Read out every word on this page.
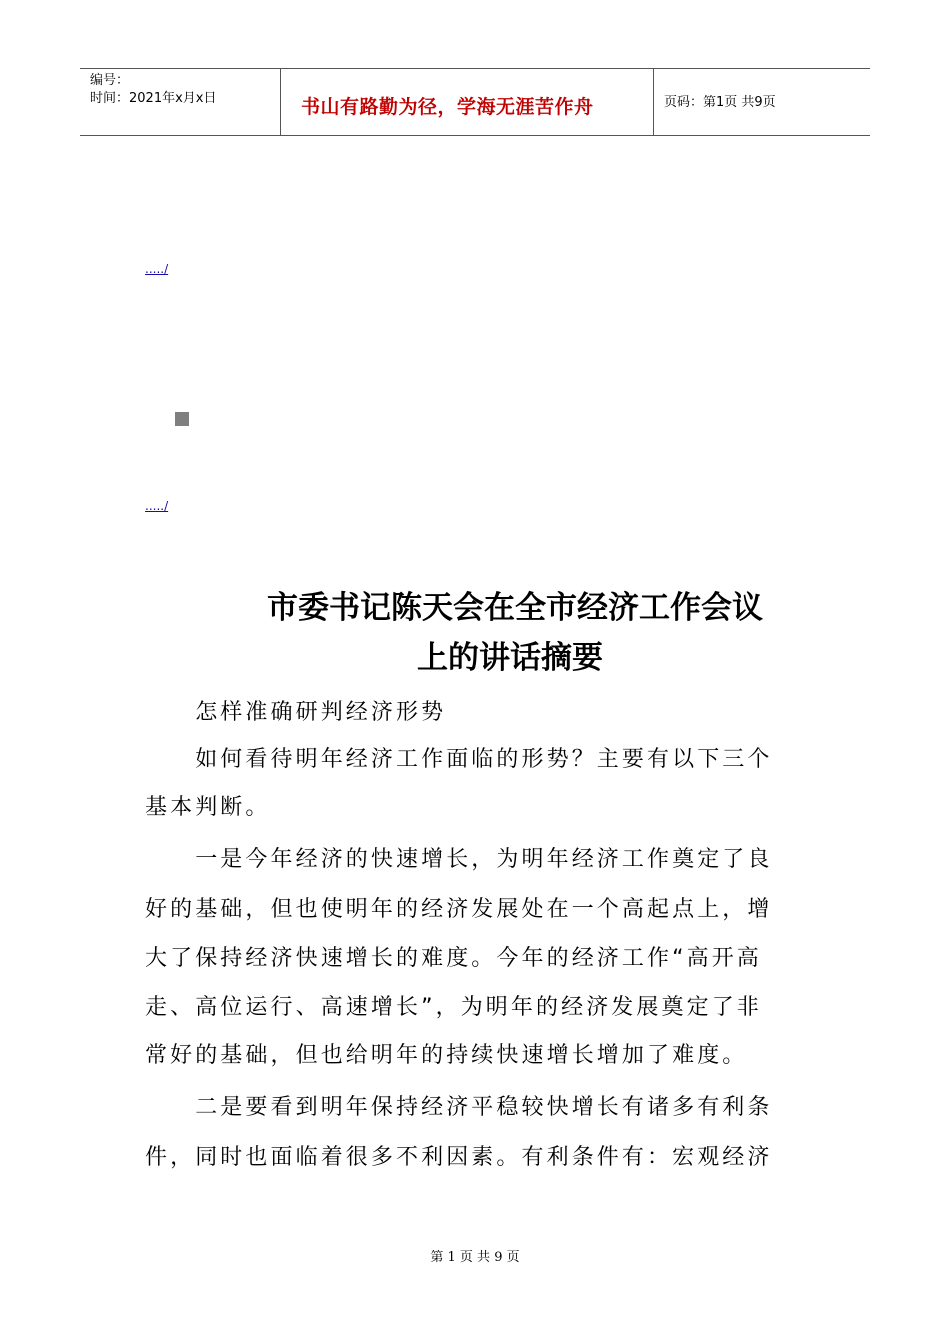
编号：
时间：2021年x月x日	书山有路勤为径，学海无涯苦作舟	页码：第1页 共9页
...../
...../
市委书记陈天会在全市经济工作会议
上的讲话摘要
　　怎样准确研判经济形势
　　如何看待明年经济工作面临的形势？主要有以下三个
基本判断。
　　一是今年经济的快速增长，为明年经济工作奠定了良
好的基础，但也使明年的经济发展处在一个高起点上，增
大了保持经济快速增长的难度。今年的经济工作“高开高
走、高位运行、高速增长”，为明年的经济发展奠定了非
常好的基础，但也给明年的持续快速增长增加了难度。
　　二是要看到明年保持经济平稳较快增长有诸多有利条
件，同时也面临着很多不利因素。有利条件有：宏观经济
第 1 页 共 9 页
